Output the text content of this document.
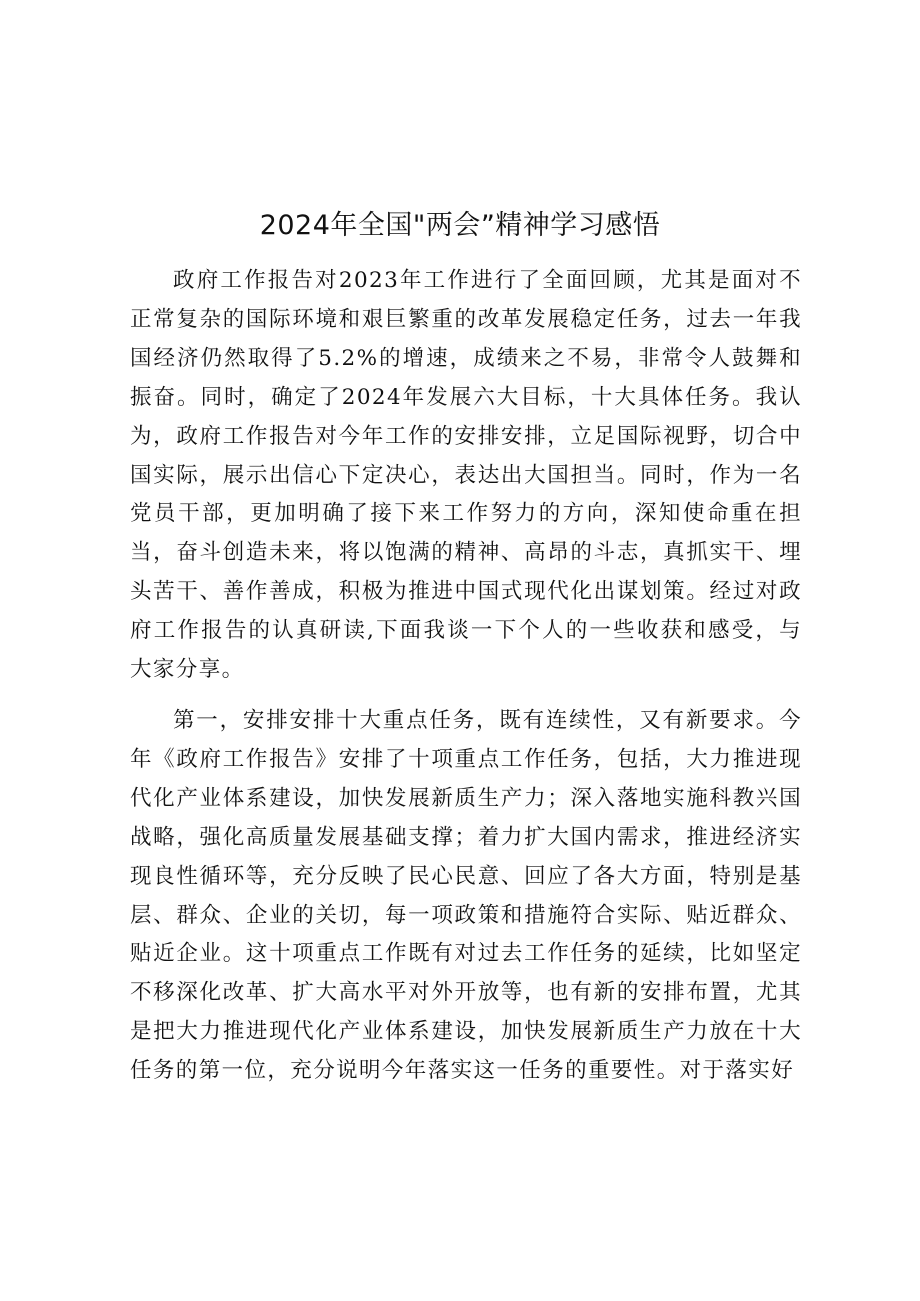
2024年全国"两会”精神学习感悟

政府工作报告对2023年工作进行了全面回顾，尤其是面对不正常复杂的国际环境和艰巨繁重的改革发展稳定任务，过去一年我国经济仍然取得了5.2%的增速，成绩来之不易，非常令人鼓舞和振奋。同时，确定了2024年发展六大目标，十大具体任务。我认为，政府工作报告对今年工作的安排安排，立足国际视野，切合中国实际，展示出信心下定决心，表达出大国担当。同时，作为一名党员干部，更加明确了接下来工作努力的方向，深知使命重在担当，奋斗创造未来，将以饱满的精神、高昂的斗志，真抓实干、埋头苦干、善作善成，积极为推进中国式现代化出谋划策。经过对政府工作报告的认真研读,下面我谈一下个人的一些收获和感受，与大家分享。

第一，安排安排十大重点任务，既有连续性，又有新要求。今年《政府工作报告》安排了十项重点工作任务，包括，大力推进现代化产业体系建设，加快发展新质生产力；深入落地实施科教兴国战略，强化高质量发展基础支撑；着力扩大国内需求，推进经济实现良性循环等，充分反映了民心民意、回应了各大方面，特别是基层、群众、企业的关切，每一项政策和措施符合实际、贴近群众、贴近企业。这十项重点工作既有对过去工作任务的延续，比如坚定不移深化改革、扩大高水平对外开放等，也有新的安排布置，尤其是把大力推进现代化产业体系建设，加快发展新质生产力放在十大任务的第一位，充分说明今年落实这一任务的重要性。对于落实好
